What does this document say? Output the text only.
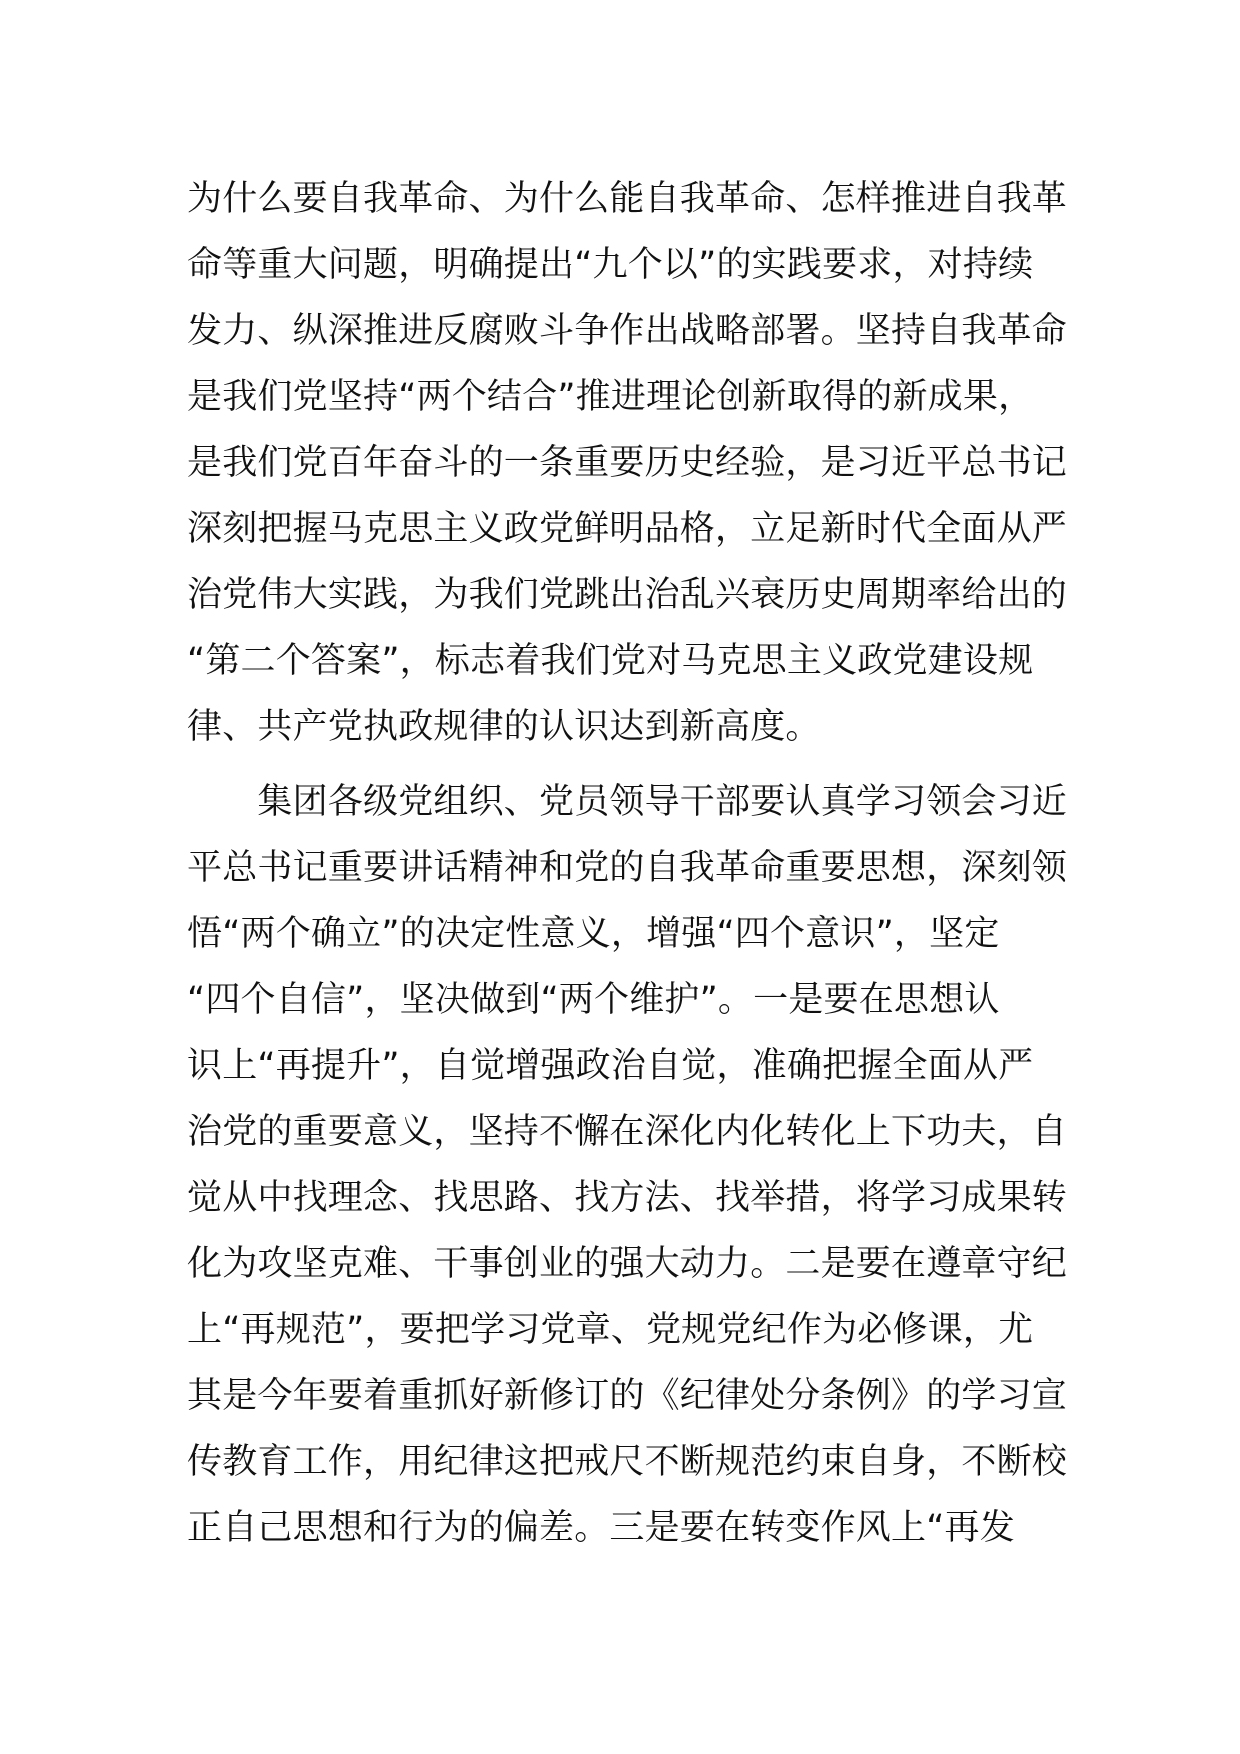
为什么要自我革命、为什么能自我革命、怎样推进自我革
命等重大问题，明确提出“九个以”的实践要求，对持续
发力、纵深推进反腐败斗争作出战略部署。坚持自我革命
是我们党坚持“两个结合”推进理论创新取得的新成果，
是我们党百年奋斗的一条重要历史经验，是习近平总书记
深刻把握马克思主义政党鲜明品格，立足新时代全面从严
治党伟大实践，为我们党跳出治乱兴衰历史周期率给出的
“第二个答案”，标志着我们党对马克思主义政党建设规
律、共产党执政规律的认识达到新高度。
　　集团各级党组织、党员领导干部要认真学习领会习近
平总书记重要讲话精神和党的自我革命重要思想，深刻领
悟“两个确立”的决定性意义，增强“四个意识”，坚定
“四个自信”，坚决做到“两个维护”。一是要在思想认
识上“再提升”，自觉增强政治自觉，准确把握全面从严
治党的重要意义，坚持不懈在深化内化转化上下功夫，自
觉从中找理念、找思路、找方法、找举措，将学习成果转
化为攻坚克难、干事创业的强大动力。二是要在遵章守纪
上“再规范”，要把学习党章、党规党纪作为必修课，尤
其是今年要着重抓好新修订的《纪律处分条例》的学习宣
传教育工作，用纪律这把戒尺不断规范约束自身，不断校
正自己思想和行为的偏差。三是要在转变作风上“再发
